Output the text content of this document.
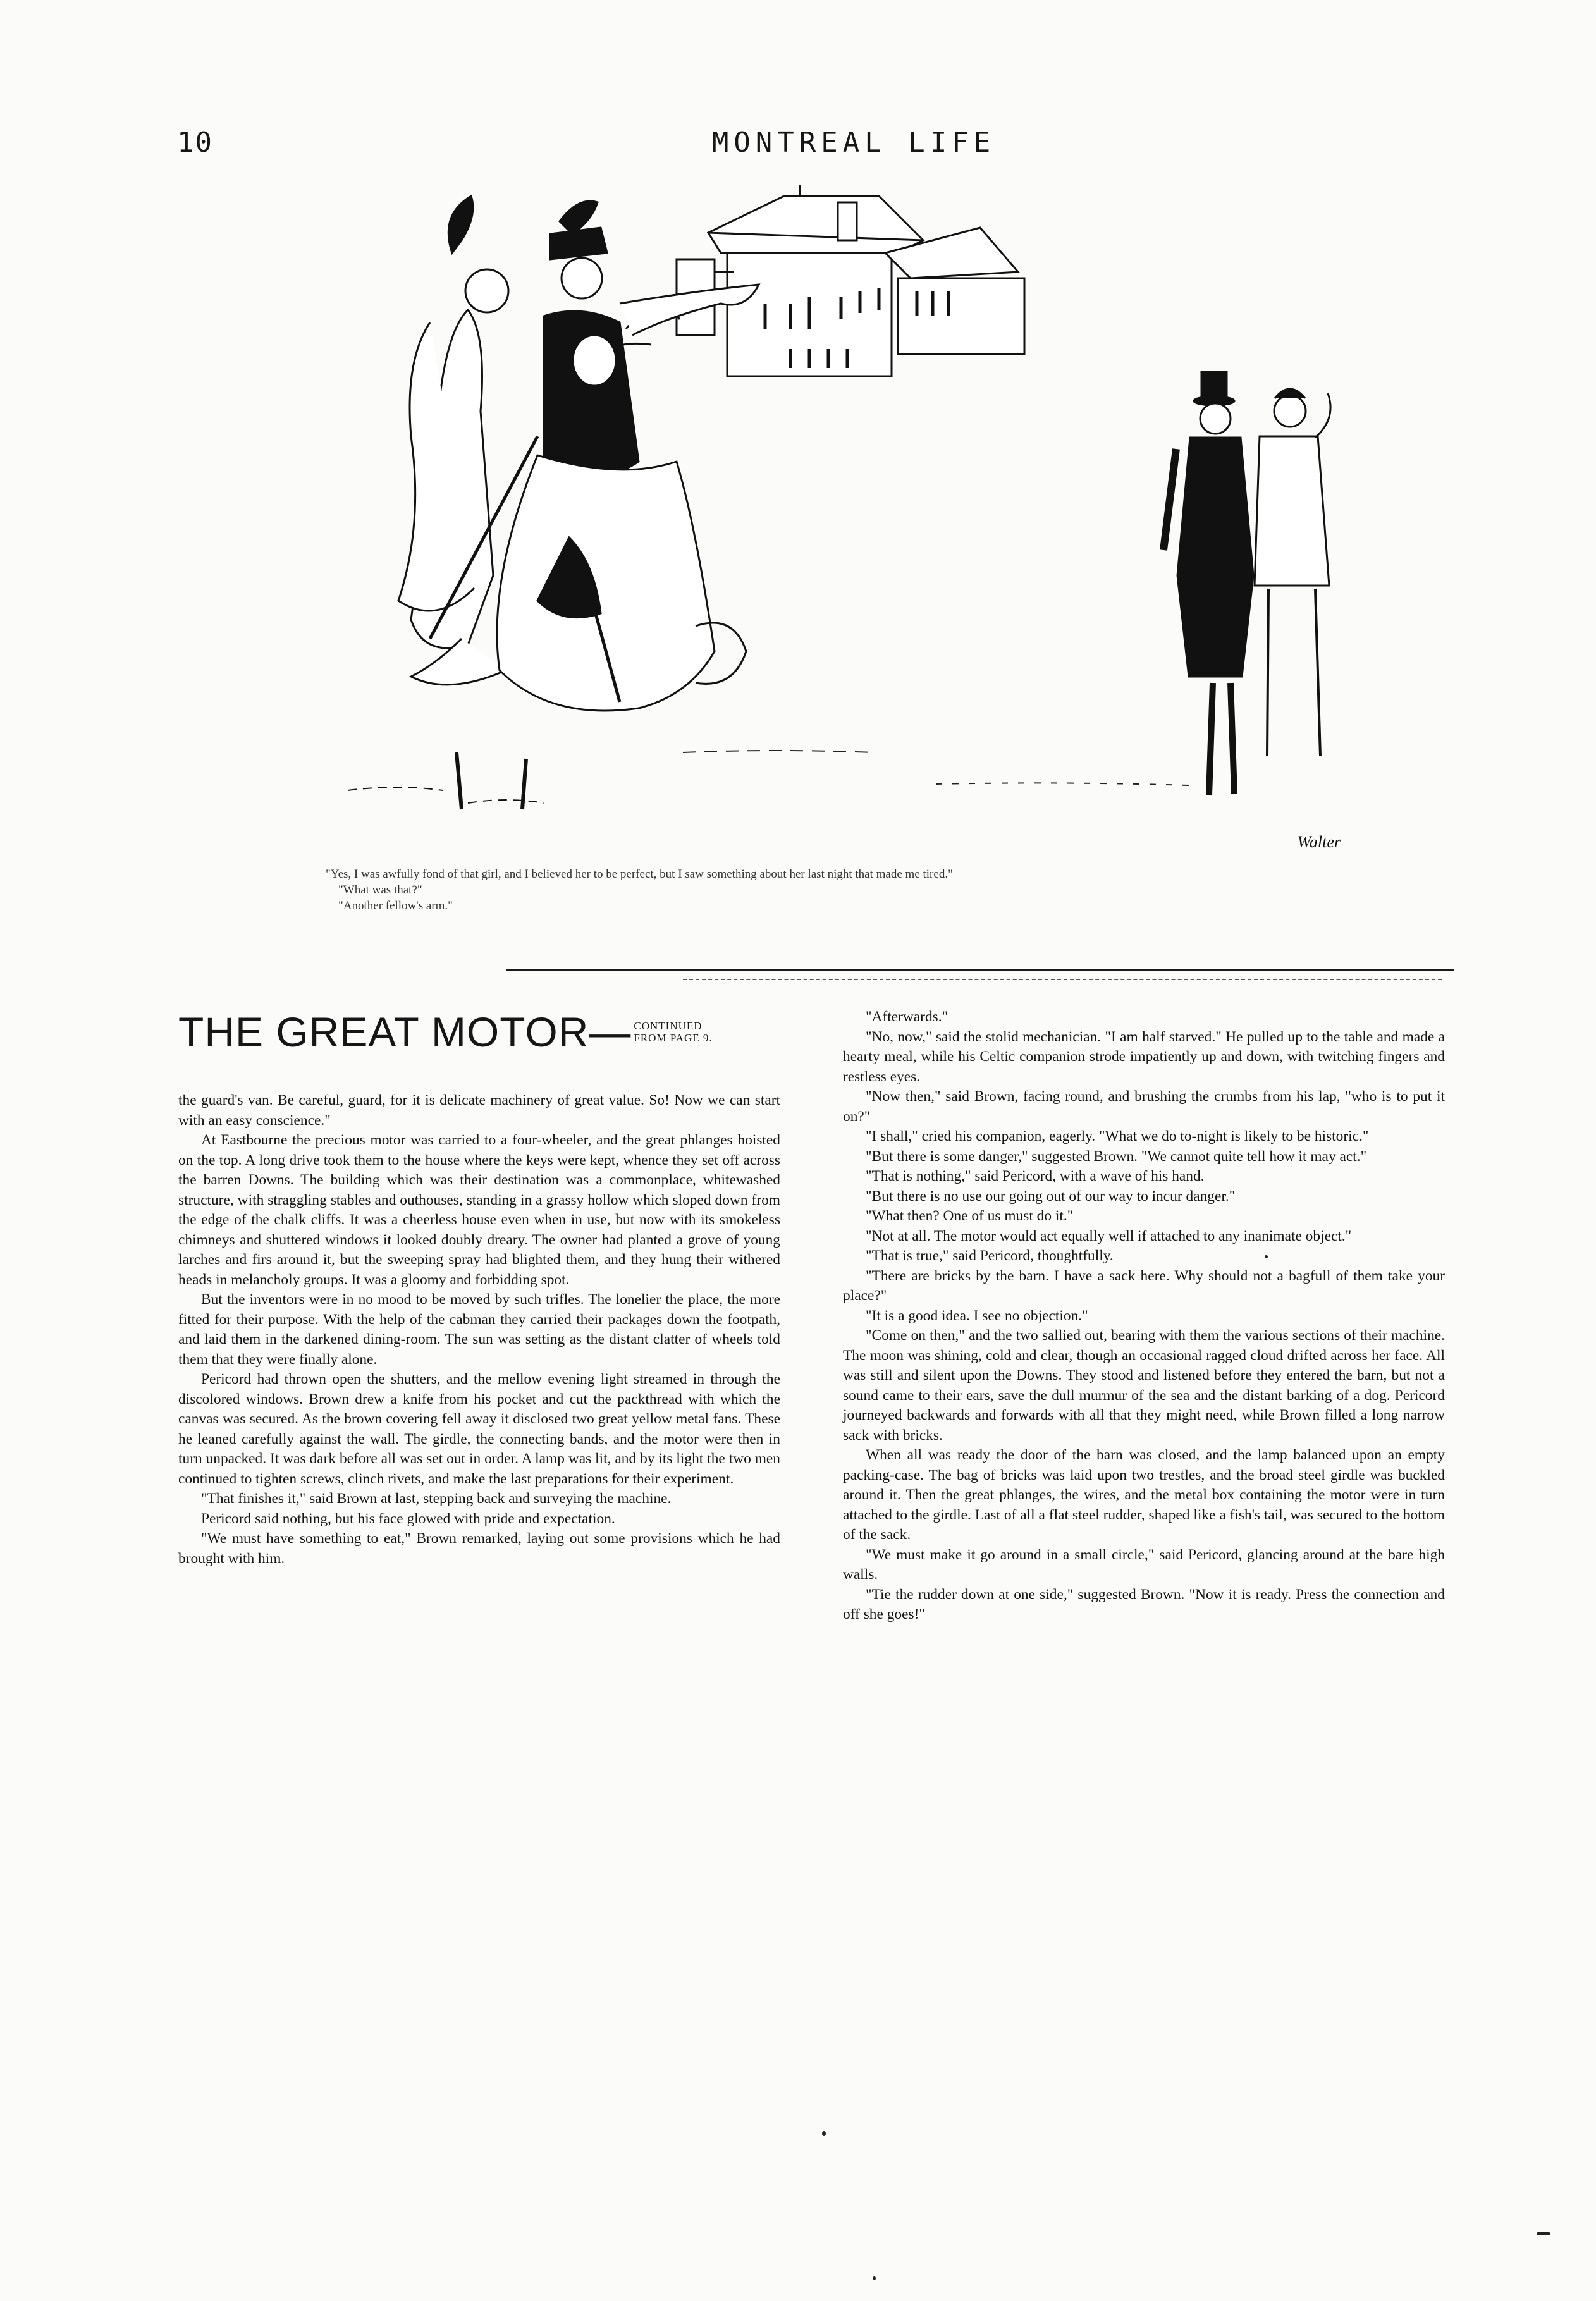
10	MONTREAL LIFE
Walter

"Yes, I was awfully fond of that girl, and I believed her to be perfect, but I saw something about her last night that made me tired."

"What was that?"

"Another fellow's arm."

THE GREAT MOTOR— CONTINUED
FROM PAGE 9.

the guard's van. Be careful, guard, for it is delicate machinery of great value. So! Now we can start with an easy conscience."

At Eastbourne the precious motor was carried to a four-wheeler, and the great phlanges hoisted on the top. A long drive took them to the house where the keys were kept, whence they set off across the barren Downs. The building which was their destination was a commonplace, whitewashed structure, with straggling stables and outhouses, standing in a grassy hollow which sloped down from the edge of the chalk cliffs. It was a cheerless house even when in use, but now with its smokeless chimneys and shuttered windows it looked doubly dreary. The owner had planted a grove of young larches and firs around it, but the sweeping spray had blighted them, and they hung their withered heads in melancholy groups. It was a gloomy and forbidding spot.

But the inventors were in no mood to be moved by such trifles. The lonelier the place, the more fitted for their purpose. With the help of the cabman they carried their packages down the footpath, and laid them in the darkened dining-room. The sun was setting as the distant clatter of wheels told them that they were finally alone.

Pericord had thrown open the shutters, and the mellow evening light streamed in through the discolored windows. Brown drew a knife from his pocket and cut the packthread with which the canvas was secured. As the brown covering fell away it disclosed two great yellow metal fans. These he leaned carefully against the wall. The girdle, the connecting bands, and the motor were then in turn unpacked. It was dark before all was set out in order. A lamp was lit, and by its light the two men continued to tighten screws, clinch rivets, and make the last preparations for their experiment.

"That finishes it," said Brown at last, stepping back and surveying the machine.

Pericord said nothing, but his face glowed with pride and expectation.

"We must have something to eat," Brown remarked, laying out some provisions which he had brought with him.

"Afterwards."

"No, now," said the stolid mechanician. "I am half starved." He pulled up to the table and made a hearty meal, while his Celtic companion strode impatiently up and down, with twitching fingers and restless eyes.

"Now then," said Brown, facing round, and brushing the crumbs from his lap, "who is to put it on?"

"I shall," cried his companion, eagerly. "What we do to-night is likely to be historic."

"But there is some danger," suggested Brown. "We cannot quite tell how it may act."

"That is nothing," said Pericord, with a wave of his hand.

"But there is no use our going out of our way to incur danger."

"What then? One of us must do it."

"Not at all. The motor would act equally well if attached to any inanimate object."

"That is true," said Pericord, thoughtfully.

"There are bricks by the barn. I have a sack here. Why should not a bagfull of them take your place?"

"It is a good idea. I see no objection."

"Come on then," and the two sallied out, bearing with them the various sections of their machine. The moon was shining, cold and clear, though an occasional ragged cloud drifted across her face. All was still and silent upon the Downs. They stood and listened before they entered the barn, but not a sound came to their ears, save the dull murmur of the sea and the distant barking of a dog. Pericord journeyed backwards and forwards with all that they might need, while Brown filled a long narrow sack with bricks.

When all was ready the door of the barn was closed, and the lamp balanced upon an empty packing-case. The bag of bricks was laid upon two trestles, and the broad steel girdle was buckled around it. Then the great phlanges, the wires, and the metal box containing the motor were in turn attached to the girdle. Last of all a flat steel rudder, shaped like a fish's tail, was secured to the bottom of the sack.

"We must make it go around in a small circle," said Pericord, glancing around at the bare high walls.

"Tie the rudder down at one side," suggested Brown. "Now it is ready. Press the connection and off she goes!"
